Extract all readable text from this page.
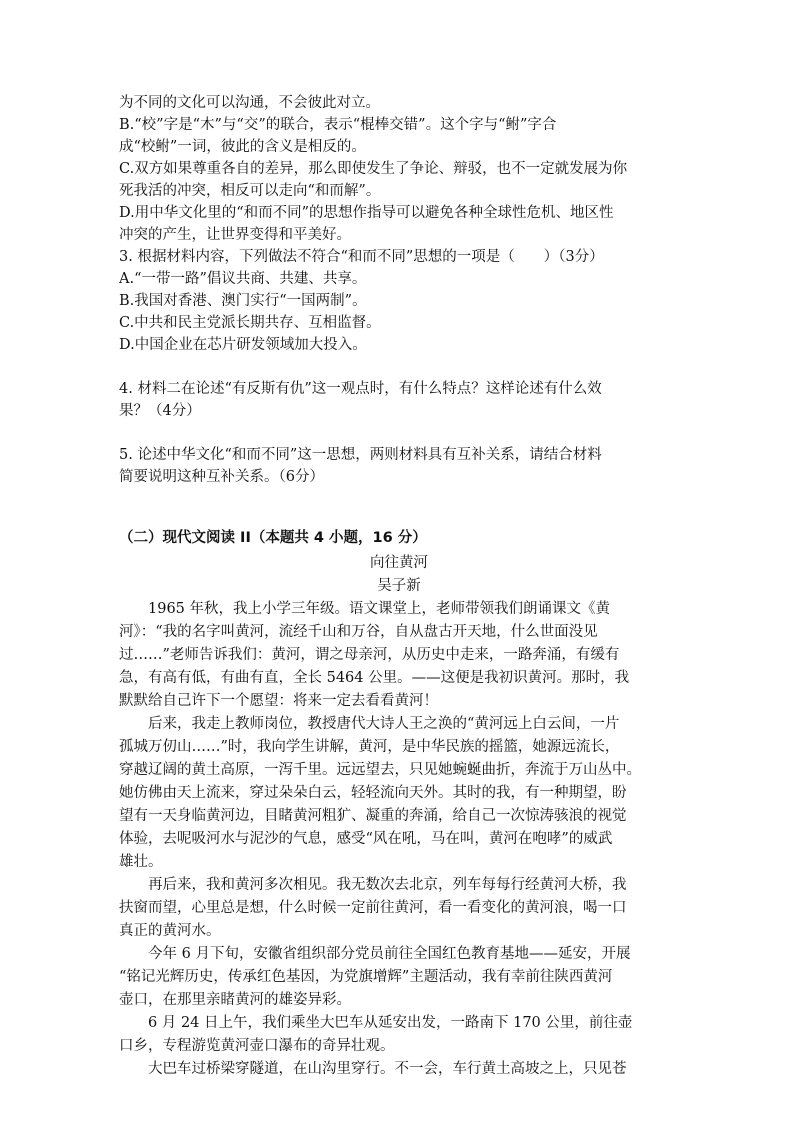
为不同的文化可以沟通，不会彼此对立。
B.“校”字是“木”与“交”的联合，表示“棍棒交错”。这个字与“鲋”字合
成“校鲋”一词，彼此的含义是相反的。
C.双方如果尊重各自的差异，那么即使发生了争论、辩驳，也不一定就发展为你
死我活的冲突，相反可以走向“和而解”。
D.用中华文化里的“和而不同”的思想作指导可以避免各种全球性危机、地区性
冲突的产生，让世界变得和平美好。
3. 根据材料内容，下列做法不符合“和而不同”思想的一项是（　　）（3分）
A.“一带一路”倡议共商、共建、共享。
B.我国对香港、澳门实行“一国两制”。
C.中共和民主党派长期共存、互相监督。
D.中国企业在芯片研发领域加大投入。
4. 材料二在论述“有反斯有仇”这一观点时，有什么特点？这样论述有什么效
果？（4分）
5. 论述中华文化“和而不同”这一思想，两则材料具有互补关系，请结合材料
简要说明这种互补关系。（6分）
（二）现代文阅读 II（本题共 4 小题，16 分）
向往黄河
吴子新
1965 年秋，我上小学三年级。语文课堂上，老师带领我们朗诵课文《黄
河》：“我的名字叫黄河，流经千山和万谷，自从盘古开天地，什么世面没见
过……”老师告诉我们：黄河，谓之母亲河，从历史中走来，一路奔涌，有缓有
急，有高有低，有曲有直，全长 5464 公里。——这便是我初识黄河。那时，我
默默给自己许下一个愿望：将来一定去看看黄河！
后来，我走上教师岗位，教授唐代大诗人王之涣的“黄河远上白云间，一片
孤城万仞山……”时，我向学生讲解，黄河，是中华民族的摇篮，她源远流长，
穿越辽阔的黄土高原，一泻千里。远远望去，只见她蜿蜒曲折，奔流于万山丛中。
她仿佛由天上流来，穿过朵朵白云，轻轻流向天外。其时的我，有一种期望，盼
望有一天身临黄河边，目睹黄河粗犷、凝重的奔涌，给自己一次惊涛骇浪的视觉
体验，去呢吸河水与泥沙的气息，感受“风在吼，马在叫，黄河在咆哮”的威武
雄壮。
再后来，我和黄河多次相见。我无数次去北京，列车每每行经黄河大桥，我
扶窗而望，心里总是想，什么时候一定前往黄河，看一看变化的黄河浪，喝一口
真正的黄河水。
今年 6 月下旬，安徽省组织部分党员前往全国红色教育基地——延安，开展
“铭记光辉历史，传承红色基因，为党旗增辉”主题活动，我有幸前往陕西黄河
壶口，在那里亲睹黄河的雄姿异彩。
6 月 24 日上午，我们乘坐大巴车从延安出发，一路南下 170 公里，前往壶
口乡，专程游览黄河壶口瀑布的奇异壮观。
大巴车过桥梁穿隧道，在山沟里穿行。不一会，车行黄土高坡之上，只见苍
